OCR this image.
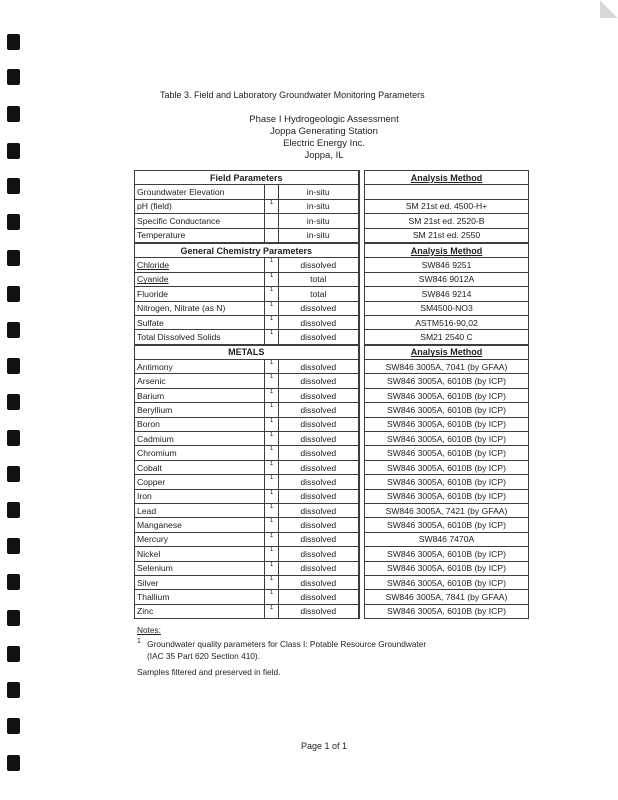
Table 3. Field and Laboratory Groundwater Monitoring Parameters
Phase I Hydrogeologic Assessment
Joppa Generating Station
Electric Energy Inc.
Joppa, IL
Field Parameters				Analysis Method
Groundwater Elevation		in-situ		
pH (field)	1	in-situ		SM 21st ed. 4500-H+
Specific Conductance		in-situ		SM 21st ed. 2520-B
Temperature		in-situ		SM 21st ed. 2550
General Chemistry Parameters				Analysis Method
Chloride	1	dissolved		SW846 9251
Cyanide	1	total		SW846 9012A
Fluoride	1	total		SW846 9214
Nitrogen, Nitrate (as N)	1	dissolved		SM4500-NO3
Sulfate	1	dissolved		ASTM516-90,02
Total Dissolved Solids	1	dissolved		SM21 2540 C
METALS				Analysis Method
Antimony	1	dissolved		SW846 3005A, 7041 (by GFAA)
Arsenic	1	dissolved		SW846 3005A, 6010B (by ICP)
Barium	1	dissolved		SW846 3005A, 6010B (by ICP)
Beryllium	1	dissolved		SW846 3005A, 6010B (by ICP)
Boron	1	dissolved		SW846 3005A, 6010B (by ICP)
Cadmium	1	dissolved		SW846 3005A, 6010B (by ICP)
Chromium	1	dissolved		SW846 3005A, 6010B (by ICP)
Cobalt	1	dissolved		SW846 3005A, 6010B (by ICP)
Copper	1	dissolved		SW846 3005A, 6010B (by ICP)
Iron	1	dissolved		SW846 3005A, 6010B (by ICP)
Lead	1	dissolved		SW846 3005A, 7421 (by GFAA)
Manganese	1	dissolved		SW846 3005A, 6010B (by ICP)
Mercury	1	dissolved		SW846 7470A
Nickel	1	dissolved		SW846 3005A, 6010B (by ICP)
Selenium	1	dissolved		SW846 3005A, 6010B (by ICP)
Silver	1	dissolved		SW846 3005A, 6010B (by ICP)
Thallium	1	dissolved		SW846 3005A, 7841 (by GFAA)
Zinc	1	dissolved		SW846 3005A, 6010B (by ICP)
Notes:
$^1$ Groundwater quality parameters for Class I: Potable Resource Groundwater
(IAC 35 Part 620 Section 410).
Samples filtered and preserved in field.
Page 1 of 1
